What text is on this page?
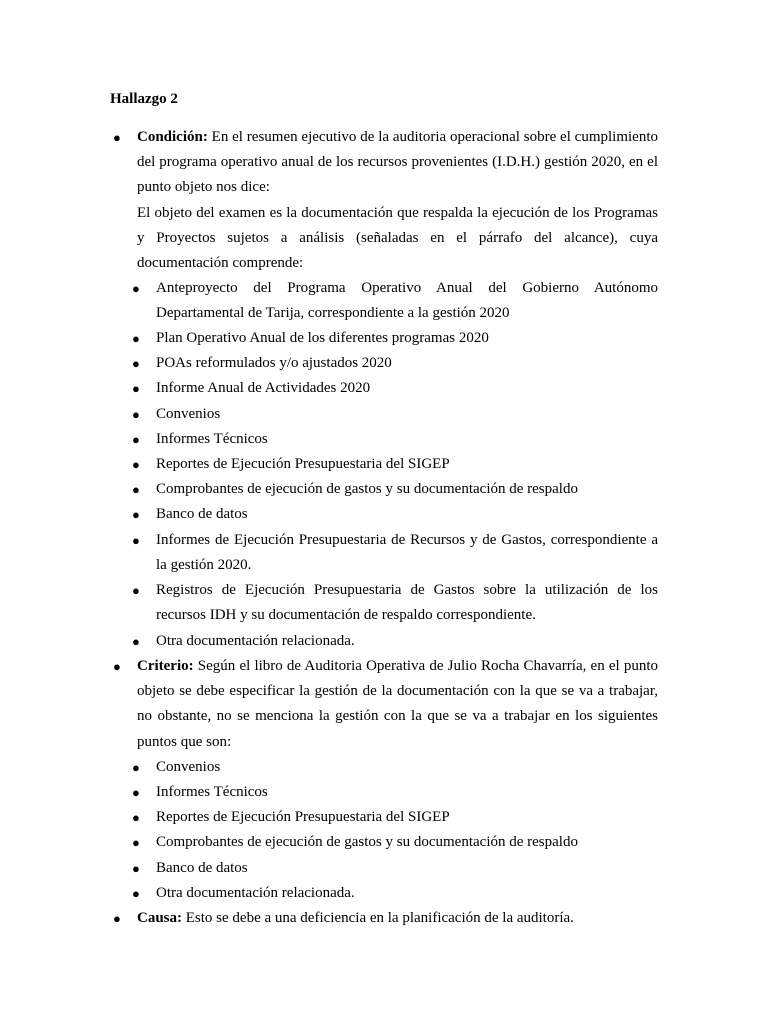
Hallazgo 2
● Condición: En el resumen ejecutivo de la auditoria operacional sobre el cumplimiento del programa operativo anual de los recursos provenientes (I.D.H.) gestión 2020, en el punto objeto nos dice:
El objeto del examen es la documentación que respalda la ejecución de los Programas y Proyectos sujetos a análisis (señaladas en el párrafo del alcance), cuya documentación comprende:
● Anteproyecto del Programa Operativo Anual del Gobierno Autónomo Departamental de Tarija, correspondiente a la gestión 2020
● Plan Operativo Anual de los diferentes programas 2020
● POAs reformulados y/o ajustados 2020
● Informe Anual de Actividades 2020
● Convenios
● Informes Técnicos
● Reportes de Ejecución Presupuestaria del SIGEP
● Comprobantes de ejecución de gastos y su documentación de respaldo
● Banco de datos
● Informes de Ejecución Presupuestaria de Recursos y de Gastos, correspondiente a la gestión 2020.
● Registros de Ejecución Presupuestaria de Gastos sobre la utilización de los recursos IDH y su documentación de respaldo correspondiente.
● Otra documentación relacionada.
● Criterio: Según el libro de Auditoria Operativa de Julio Rocha Chavarría, en el punto objeto se debe especificar la gestión de la documentación con la que se va a trabajar, no obstante, no se menciona la gestión con la que se va a trabajar en los siguientes puntos que son:
● Convenios
● Informes Técnicos
● Reportes de Ejecución Presupuestaria del SIGEP
● Comprobantes de ejecución de gastos y su documentación de respaldo
● Banco de datos
● Otra documentación relacionada.
● Causa: Esto se debe a una deficiencia en la planificación de la auditoría.
